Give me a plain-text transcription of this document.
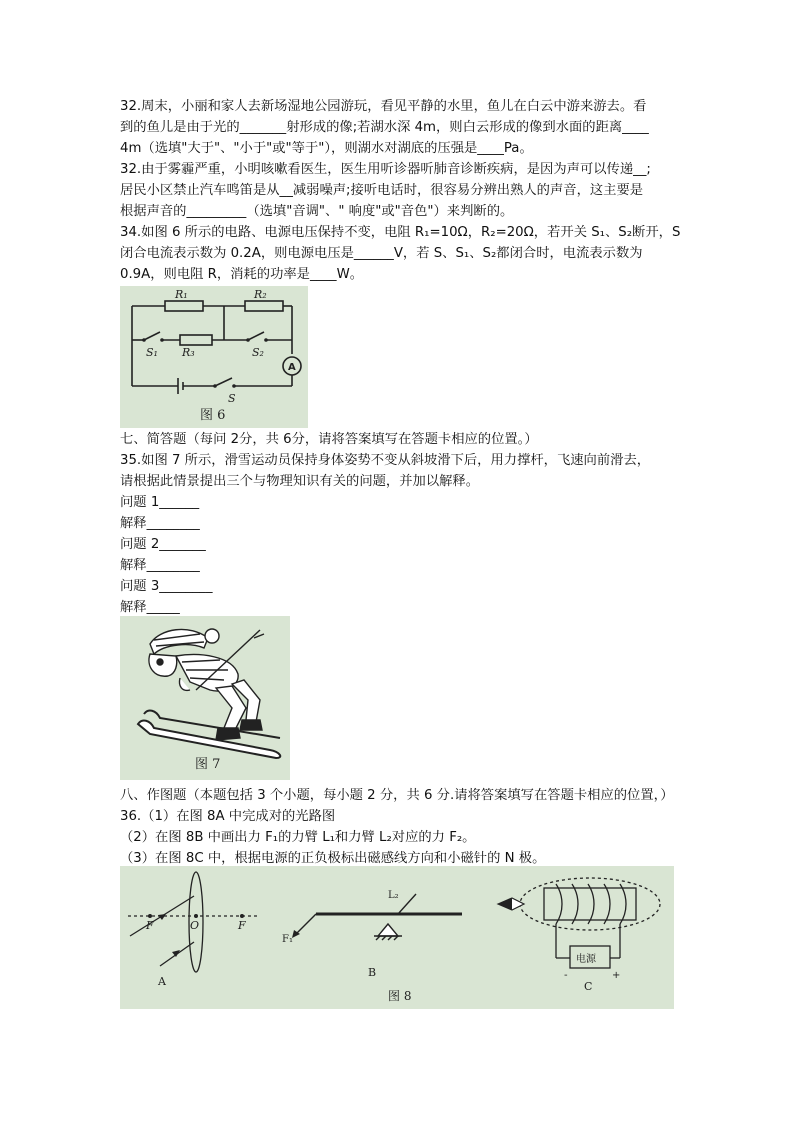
32.周末，小丽和家人去新场湿地公园游玩，看见平静的水里，鱼儿在白云中游来游去。看
到的鱼儿是由于光的_______射形成的像;若湖水深 4m，则白云形成的像到水面的距离____
4m（选填"大于"、"小于"或"等于"），则湖水对湖底的压强是____Pa。
32.由于雾霾严重，小明咳嗽看医生，医生用听诊器听肺音诊断疾病，是因为声可以传递__;
居民小区禁止汽车鸣笛是从__减弱噪声;接听电话时，很容易分辨出熟人的声音，这主要是
根据声音的_________（选填"音调"、" 响度"或"音色"）来判断的。
34.如图 6 所示的电路、电源电压保持不变，电阻 R₁=10Ω，R₂=20Ω，若开关 S₁、S₂断开，S
闭合电流表示数为 0.2A，则电源电压是______V，若 S、S₁、S₂都闭合时，电流表示数为
0.9A，则电阻 R，消耗的功率是____W。
R₁	R₂
R₃
S₁	S₂
S
A
图 6
七、简答题（每问 2分，共 6分，请将答案填写在答题卡相应的位置。）
35.如图 7 所示，滑雪运动员保持身体姿势不变从斜坡滑下后，用力撑杆，飞速向前滑去，
请根据此情景提出三个与物理知识有关的问题，并加以解释。
问题 1______
解释________
问题 2_______
解释________
问题 3________
解释_____
图 7
八、作图题（本题包括 3 个小题，每小题 2 分，共 6 分.请将答案填写在答题卡相应的位置，）
36.（1）在图 8A 中完成对的光路图
（2）在图 8B 中画出力 F₁的力臂 L₁和力臂 L₂对应的力 F₂。
（3）在图 8C 中，根据电源的正负极标出磁感线方向和小磁针的 N 极。
F	O	F
A
F₁
L₂
B
图 8
电源
-	+
C
